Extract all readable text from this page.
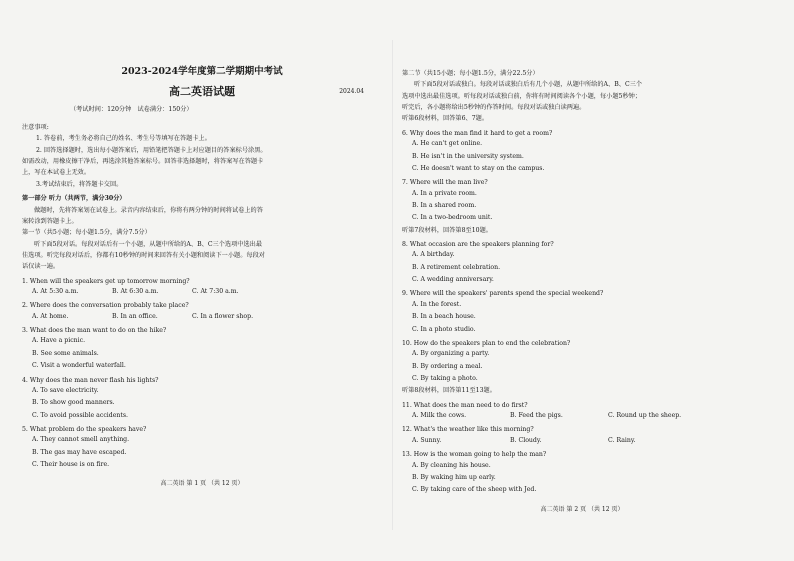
2023-2024学年度第二学期期中考试
高二英语试题	2024.04
（考试时间：120分钟　试卷满分：150分）
注意事项:
1. 答卷前，考生务必将自己的姓名、考生号等填写在答题卡上。
2. 回答选择题时，选出每小题答案后，用铅笔把答题卡上对应题目的答案标号涂黑。
如需改动，用橡皮擦干净后，再选涂其他答案标号。回答非选择题时，将答案写在答题卡
上，写在本试卷上无效。
3.考试结束后，将答题卡交回。
第一部分 听力（共两节，满分30分）
做题时，先将答案划在试卷上。录音内容结束后，你将有两分钟的时间将试卷上的答
案转涂到答题卡上。
第一节（共5小题；每小题1.5分，满分7.5分）
听下面5段对话。每段对话后有一个小题，从题中所给的A、B、C三个选项中选出最
佳选项。听完每段对话后，你都有10秒钟的时间来回答有关小题和阅读下一小题。每段对
话仅读一遍。
1. When will the speakers get up tomorrow morning?
A. At 5:30 a.m.	B. At 6:30 a.m.	C. At 7:30 a.m.
2. Where does the conversation probably take place?
A. At home.	B. In an office.	C. In a flower shop.
3. What does the man want to do on the hike?
A. Have a picnic.
B. See some animals.
C. Visit a wonderful waterfall.
4. Why does the man never flash his lights?
A. To save electricity.
B. To show good manners.
C. To avoid possible accidents.
5. What problem do the speakers have?
A. They cannot smell anything.
B. The gas may have escaped.
C. Their house is on fire.
高二英语 第 1 页 （共 12 页）
第二节（共15小题；每小题1.5分，满分22.5分）
听下面5段对话或独白。每段对话或独白后有几个小题，从题中所给的A、B、C三个
选项中选出最佳选项。听每段对话或独白前，你将有时间阅读各个小题，每小题5秒钟；
听完后，各小题将给出5秒钟的作答时间。每段对话或独白读两遍。
听第6段材料，回答第6、7题。
6. Why does the man find it hard to get a room?
A. He can't get online.
B. He isn't in the university system.
C. He doesn't want to stay on the campus.
7. Where will the man live?
A. In a private room.
B. In a shared room.
C. In a two-bedroom unit.
听第7段材料，回答第8至10题。
8. What occasion are the speakers planning for?
A. A birthday.
B. A retirement celebration.
C. A wedding anniversary.
9. Where will the speakers' parents spend the special weekend?
A. In the forest.
B. In a beach house.
C. In a photo studio.
10. How do the speakers plan to end the celebration?
A. By organizing a party.
B. By ordering a meal.
C. By taking a photo.
听第8段材料，回答第11至13题。
11. What does the man need to do first?
A. Milk the cows.	B. Feed the pigs.	C. Round up the sheep.
12. What's the weather like this morning?
A. Sunny.	B. Cloudy.	C. Rainy.
13. How is the woman going to help the man?
A. By cleaning his house.
B. By waking him up early.
C. By taking care of the sheep with Jed.
高二英语 第 2 页 （共 12 页）
